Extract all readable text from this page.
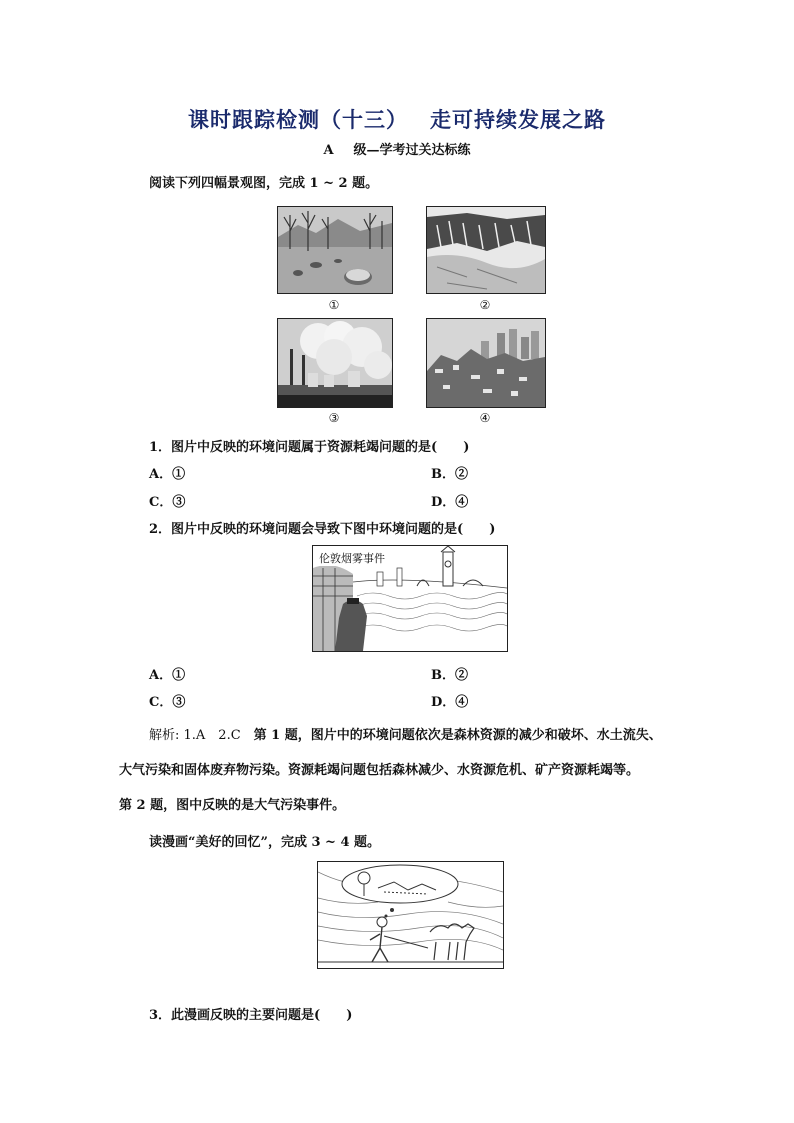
课时跟踪检测（十三） 走可持续发展之路
A 级—学考过关达标练
阅读下列四幅景观图，完成 1 ~ 2 题。
①	②
③	④
1．图片中反映的环境问题属于资源耗竭问题的是(　　)
A．①	B．②
C．③	D．④
2．图片中反映的环境问题会导致下图中环境问题的是(　　)
伦敦烟雾事件
A．①	B．②
C．③	D．④
解析: 1.A　2.C　第 1 题，图片中的环境问题依次是森林资源的减少和破坏、水土流失、
大气污染和固体废弃物污染。资源耗竭问题包括森林减少、水资源危机、矿产资源耗竭等。
第 2 题，图中反映的是大气污染事件。
读漫画“美好的回忆”，完成 3 ~ 4 题。
3．此漫画反映的主要问题是(　　)
